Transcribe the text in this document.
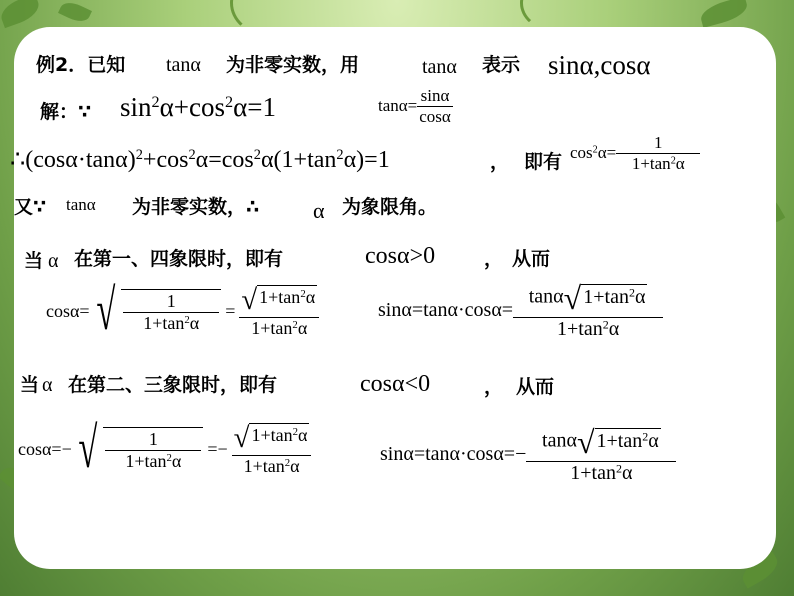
例2．已知 tanα 为非零实数，用	tanα 表示 sinα,cosα
解：∵ $\sin^2\alpha+\cos^2\alpha=1$	$\tan\alpha= \frac{\sin\alpha}{\cos\alpha}$
$\therefore(\cos\alpha\cdot\tan\alpha)^2+\cos^2\alpha=\cos^2\alpha(1+\tan^2\alpha)=1$	， 即有 $\cos^2\alpha= \frac{1}{1+\tan^2\alpha}$
又∵ tanα 为非零实数，∴ α 为象限角。
当 α 在第一、四象限时，即有	cosα>0	， 从而
cosα= √ $\frac{1}{1+\tan^2\alpha} = \frac{√ 1+\tan^2\alpha}{1+\tan^2\alpha}$	$\sin\alpha=\tan\alpha\cdot\cos\alpha= \frac{\tan\alpha√ 1+\tan^2\alpha}{1+\tan^2\alpha}$
当 α 在第二、三象限时，即有	cosα<0	， 从而
cosα=− √ $\frac{1}{1+\tan^2\alpha} =- \frac{√ 1+\tan^2\alpha}{1+\tan^2\alpha}$	$\sin\alpha=\tan\alpha\cdot\cos\alpha=- \frac{\tan\alpha√ 1+\tan^2\alpha}{1+\tan^2\alpha}$
